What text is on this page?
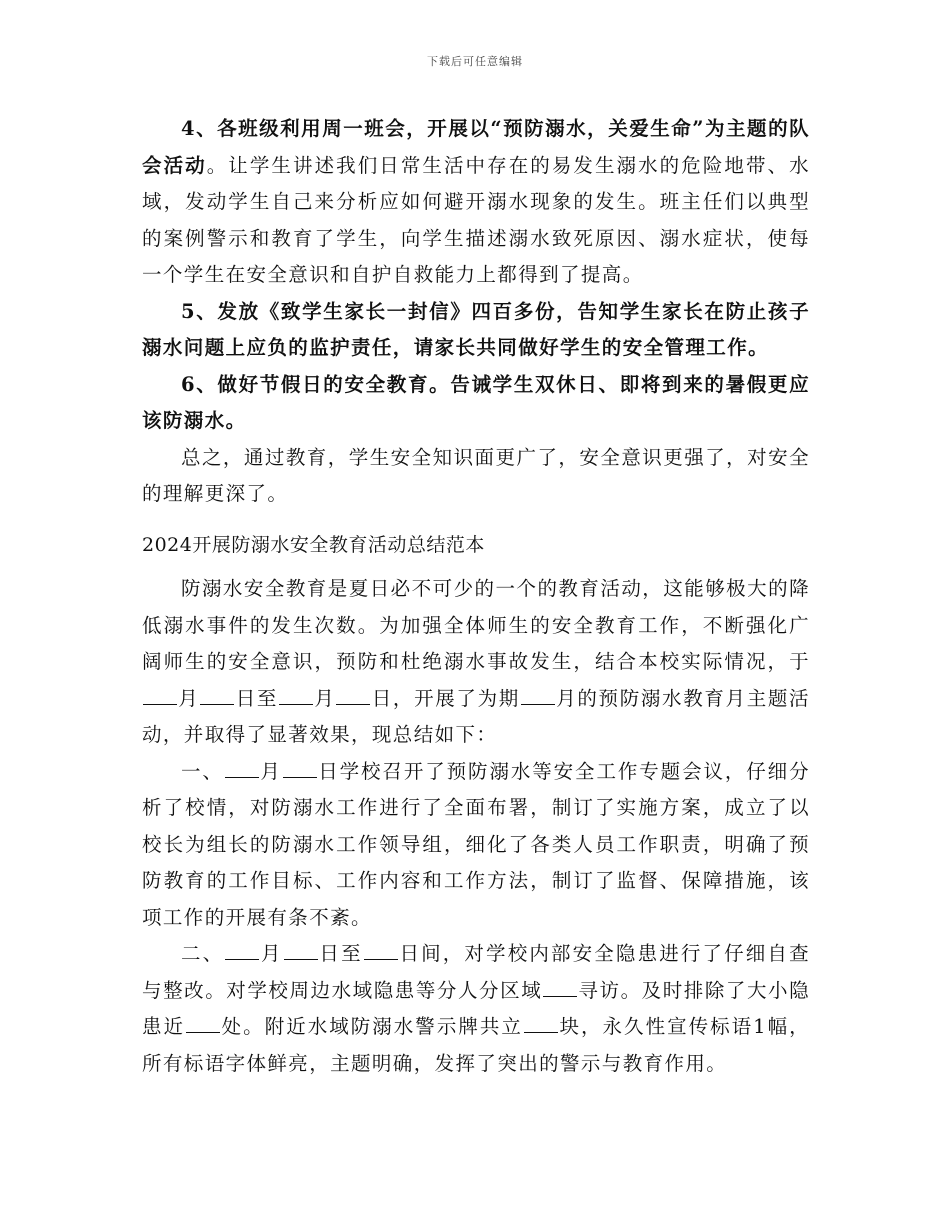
下载后可任意编辑

4、各班级利用周一班会，开展以“预防溺水，关爱生命”为主题的队会活动。让学生讲述我们日常生活中存在的易发生溺水的危险地带、水域，发动学生自己来分析应如何避开溺水现象的发生。班主任们以典型的案例警示和教育了学生，向学生描述溺水致死原因、溺水症状，使每一个学生在安全意识和自护自救能力上都得到了提高。

5、发放《致学生家长一封信》四百多份，告知学生家长在防止孩子溺水问题上应负的监护责任，请家长共同做好学生的安全管理工作。

6、做好节假日的安全教育。告诫学生双休日、即将到来的暑假更应该防溺水。

总之，通过教育，学生安全知识面更广了，安全意识更强了，对安全的理解更深了。

2024开展防溺水安全教育活动总结范本

防溺水安全教育是夏日必不可少的一个的教育活动，这能够极大的降低溺水事件的发生次数。为加强全体师生的安全教育工作，不断强化广阔师生的安全意识，预防和杜绝溺水事故发生，结合本校实际情况，于月 日至 月 日，开展了为期 月的预防溺水教育月主题活动，并取得了显著效果，现总结如下：

一、 月 日学校召开了预防溺水等安全工作专题会议，仔细分析了校情，对防溺水工作进行了全面布署，制订了实施方案，成立了以校长为组长的防溺水工作领导组，细化了各类人员工作职责，明确了预防教育的工作目标、工作内容和工作方法，制订了监督、保障措施，该项工作的开展有条不紊。

二、 月 日至 日间，对学校内部安全隐患进行了仔细自查与整改。对学校周边水域隐患等分人分区域 寻访。及时排除了大小隐患近 处。附近水域防溺水警示牌共立 块，永久性宣传标语1幅，所有标语字体鲜亮，主题明确，发挥了突出的警示与教育作用。
